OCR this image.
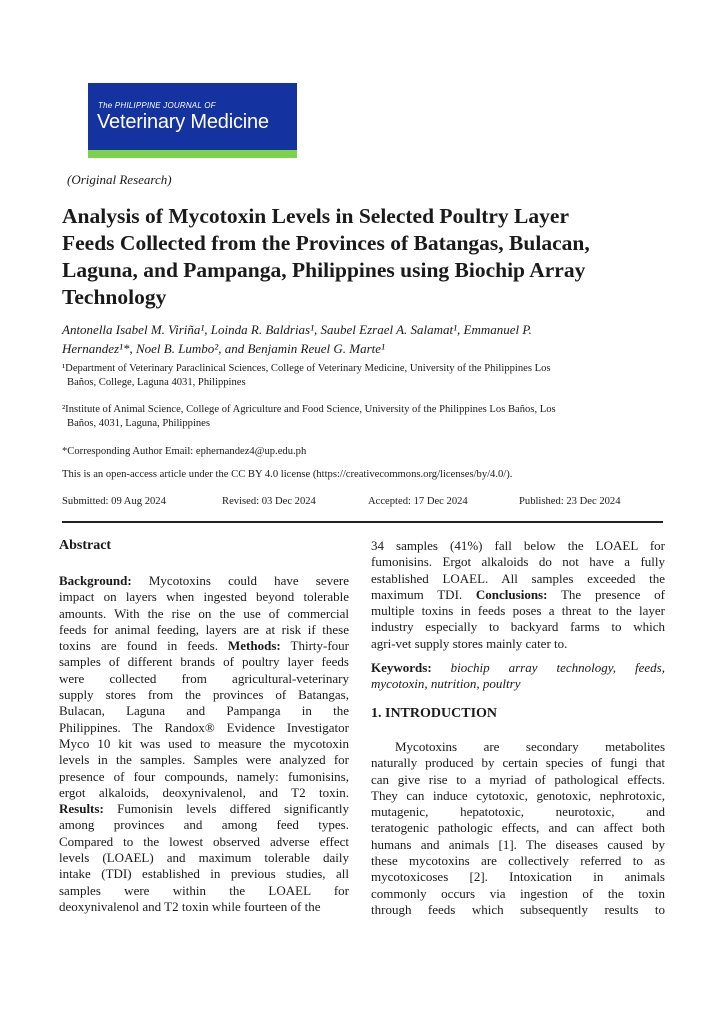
The PHILIPPINE JOURNAL OF
Veterinary Medicine
(Original Research)
Analysis of Mycotoxin Levels in Selected Poultry Layer
Feeds Collected from the Provinces of Batangas, Bulacan,
Laguna, and Pampanga, Philippines using Biochip Array
Technology
Antonella Isabel M. Viriña¹, Loinda R. Baldrias¹, Saubel Ezrael A. Salamat¹, Emmanuel P.
Hernandez¹*, Noel B. Lumbo², and Benjamin Reuel G. Marte¹
¹Department of Veterinary Paraclinical Sciences, College of Veterinary Medicine, University of the Philippines Los
Baños, College, Laguna 4031, Philippines
²Institute of Animal Science, College of Agriculture and Food Science, University of the Philippines Los Baños, Los
Baños, 4031, Laguna, Philippines
*Corresponding Author Email: ephernandez4@up.edu.ph
This is an open-access article under the CC BY 4.0 license (https://creativecommons.org/licenses/by/4.0/).
Submitted: 09 Aug 2024	Revised: 03 Dec 2024	Accepted: 17 Dec 2024	Published: 23 Dec 2024
Abstract
Background: Mycotoxins could have severe
impact on layers when ingested beyond tolerable
amounts. With the rise on the use of commercial
feeds for animal feeding, layers are at risk if these
toxins are found in feeds. Methods: Thirty-four
samples of different brands of poultry layer feeds
were collected from agricultural-veterinary
supply stores from the provinces of Batangas,
Bulacan, Laguna and Pampanga in the
Philippines. The Randox® Evidence Investigator
Myco 10 kit was used to measure the mycotoxin
levels in the samples. Samples were analyzed for
presence of four compounds, namely: fumonisins,
ergot alkaloids, deoxynivalenol, and T2 toxin.
Results: Fumonisin levels differed significantly
among provinces and among feed types.
Compared to the lowest observed adverse effect
levels (LOAEL) and maximum tolerable daily
intake (TDI) established in previous studies, all
samples were within the LOAEL for
deoxynivalenol and T2 toxin while fourteen of the
34 samples (41%) fall below the LOAEL for
fumonisins. Ergot alkaloids do not have a fully
established LOAEL. All samples exceeded the
maximum TDI. Conclusions: The presence of
multiple toxins in feeds poses a threat to the layer
industry especially to backyard farms to which
agri-vet supply stores mainly cater to.
Keywords: biochip array technology, feeds,
mycotoxin, nutrition, poultry
1. INTRODUCTION
Mycotoxins are secondary metabolites
naturally produced by certain species of fungi that
can give rise to a myriad of pathological effects.
They can induce cytotoxic, genotoxic, nephrotoxic,
mutagenic, hepatotoxic, neurotoxic, and
teratogenic pathologic effects, and can affect both
humans and animals [1]. The diseases caused by
these mycotoxins are collectively referred to as
mycotoxicoses [2]. Intoxication in animals
commonly occurs via ingestion of the toxin
through feeds which subsequently results to
